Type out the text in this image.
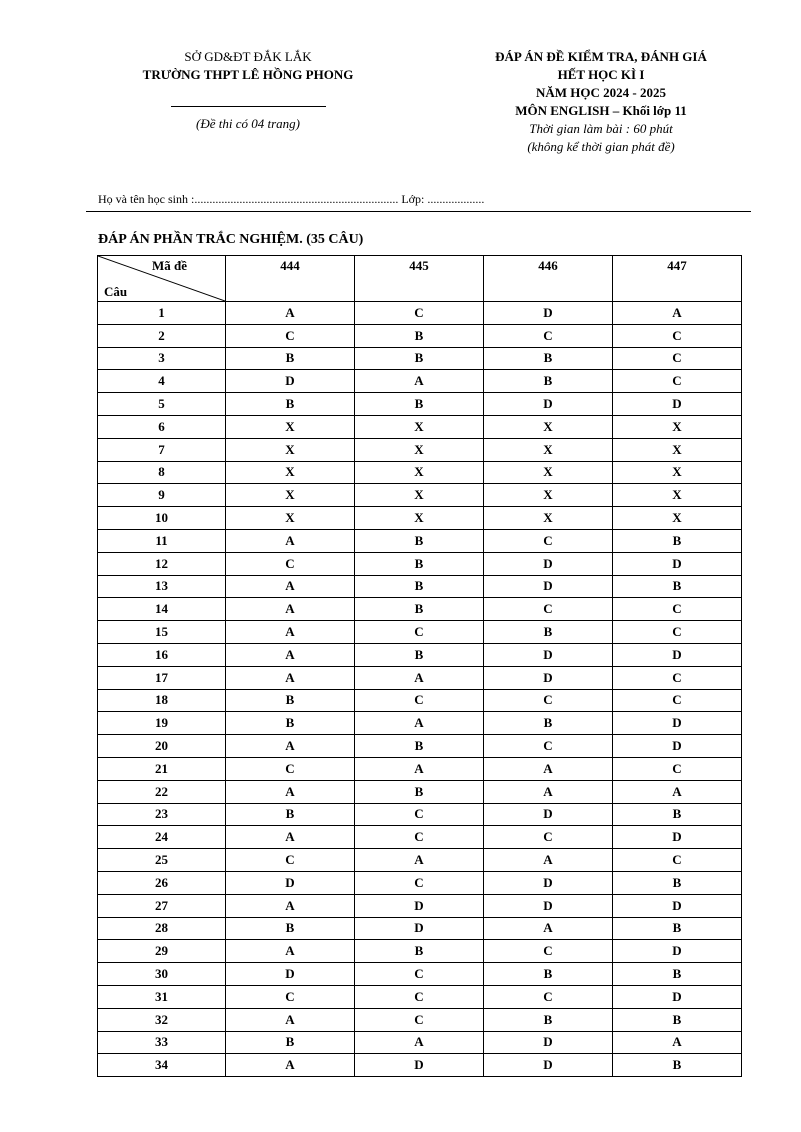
SỞ GD&ĐT ĐẮK LẮK
TRƯỜNG THPT LÊ HỒNG PHONG
(Đề thi có 04 trang)
ĐÁP ÁN ĐỀ KIỂM TRA, ĐÁNH GIÁ
HẾT HỌC KÌ I
NĂM HỌC 2024 - 2025
MÔN ENGLISH – Khối lớp 11
Thời gian làm bài : 60 phút
(không kể thời gian phát đề)
Họ và tên học sinh :.................................................................... Lớp: ...................
ĐÁP ÁN PHẦN TRẮC NGHIỆM. (35 CÂU)
Mã đề
Câu	444	445	446	447
1	A	C	D	A
2	C	B	C	C
3	B	B	B	C
4	D	A	B	C
5	B	B	D	D
6	X	X	X	X
7	X	X	X	X
8	X	X	X	X
9	X	X	X	X
10	X	X	X	X
11	A	B	C	B
12	C	B	D	D
13	A	B	D	B
14	A	B	C	C
15	A	C	B	C
16	A	B	D	D
17	A	A	D	C
18	B	C	C	C
19	B	A	B	D
20	A	B	C	D
21	C	A	A	C
22	A	B	A	A
23	B	C	D	B
24	A	C	C	D
25	C	A	A	C
26	D	C	D	B
27	A	D	D	D
28	B	D	A	B
29	A	B	C	D
30	D	C	B	B
31	C	C	C	D
32	A	C	B	B
33	B	A	D	A
34	A	D	D	B
